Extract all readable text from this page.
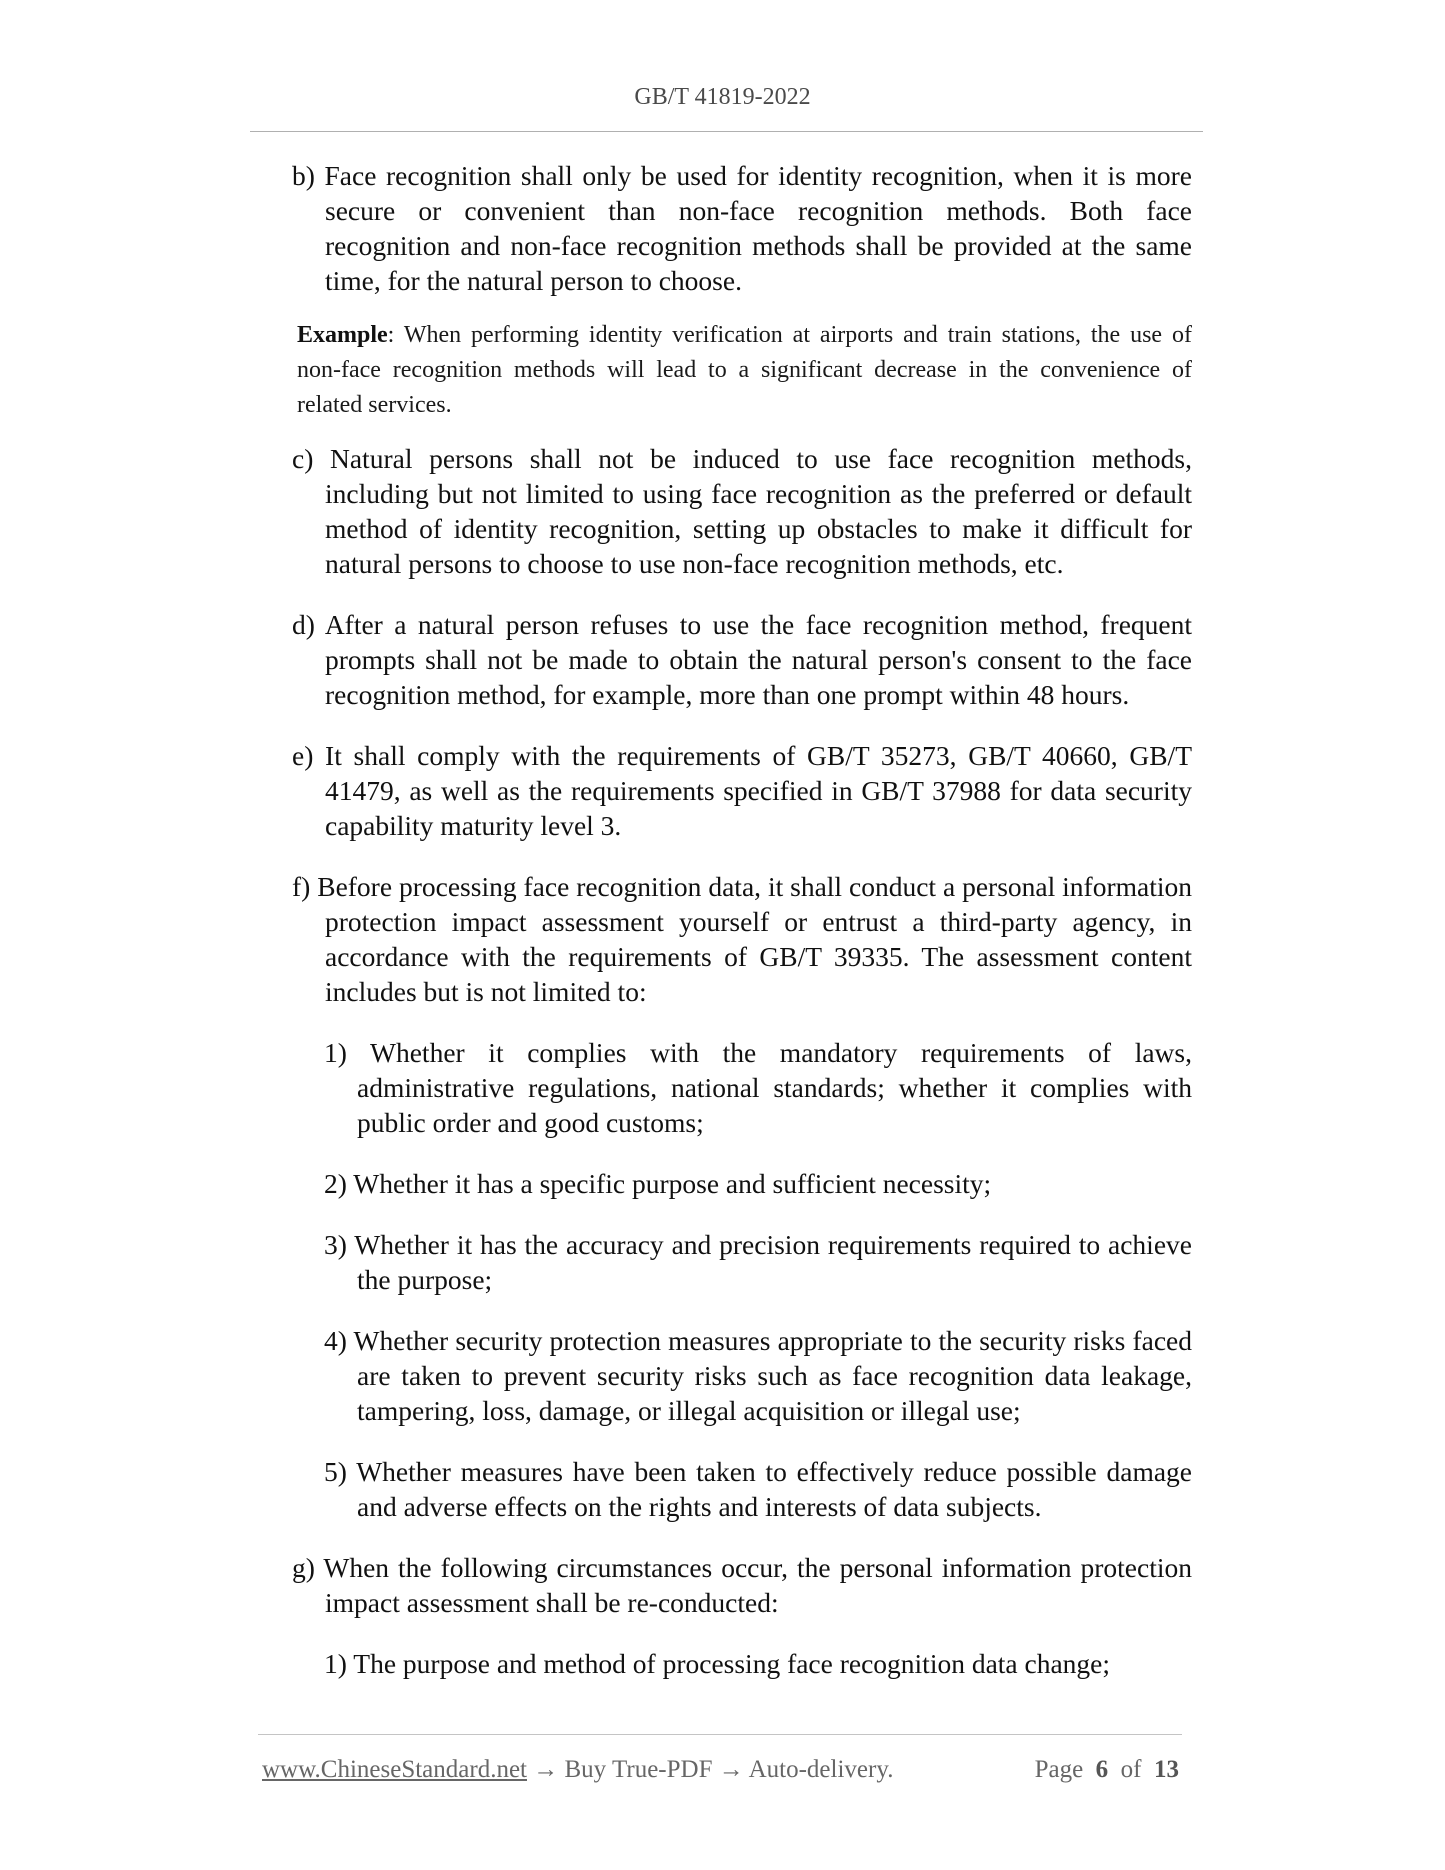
GB/T 41819-2022

b) Face recognition shall only be used for identity recognition, when it is more secure or convenient than non-face recognition methods. Both face recognition and non-face recognition methods shall be provided at the same time, for the natural person to choose.

Example: When performing identity verification at airports and train stations, the use of non-face recognition methods will lead to a significant decrease in the convenience of related services.

c) Natural persons shall not be induced to use face recognition methods, including but not limited to using face recognition as the preferred or default method of identity recognition, setting up obstacles to make it difficult for natural persons to choose to use non-face recognition methods, etc.

d) After a natural person refuses to use the face recognition method, frequent prompts shall not be made to obtain the natural person's consent to the face recognition method, for example, more than one prompt within 48 hours.

e) It shall comply with the requirements of GB/T 35273, GB/T 40660, GB/T 41479, as well as the requirements specified in GB/T 37988 for data security capability maturity level 3.

f) Before processing face recognition data, it shall conduct a personal information protection impact assessment yourself or entrust a third-party agency, in accordance with the requirements of GB/T 39335. The assessment content includes but is not limited to:

1) Whether it complies with the mandatory requirements of laws, administrative regulations, national standards; whether it complies with public order and good customs;

2) Whether it has a specific purpose and sufficient necessity;

3) Whether it has the accuracy and precision requirements required to achieve the purpose;

4) Whether security protection measures appropriate to the security risks faced are taken to prevent security risks such as face recognition data leakage, tampering, loss, damage, or illegal acquisition or illegal use;

5) Whether measures have been taken to effectively reduce possible damage and adverse effects on the rights and interests of data subjects.

g) When the following circumstances occur, the personal information protection impact assessment shall be re-conducted:

1) The purpose and method of processing face recognition data change;

www.ChineseStandard.net → Buy True-PDF → Auto-delivery.	Page 6 of 13
